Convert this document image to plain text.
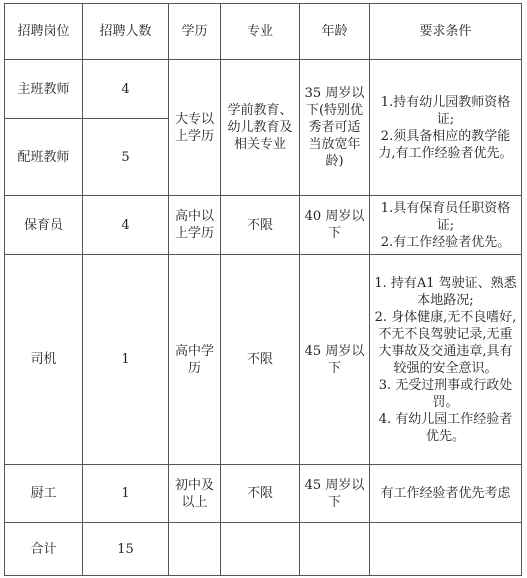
招聘岗位	招聘人数	学历	专业	年龄	要求条件
主班教师	4	大专以上学历	学前教育、幼儿教育及相关专业	35 周岁以下(特别优秀者可适当放宽年龄)	1.持有幼儿园教师资格证;
2.须具备相应的教学能力,有工作经验者优先。

配班教师	5				
保育员	4	高中以上学历	不限	40 周岁以下	1.具有保育员任职资格证;
2.有工作经验者优先。

司机	1	高中学历	不限	45 周岁以下	1. 持有A1 驾驶证、熟悉本地路况;
2. 身体健康,无不良嗜好,不无不良驾驶记录,无重大事故及交通违章,具有较强的安全意识。
3. 无受过刑事或行政处罚。
4. 有幼儿园工作经验者优先。

厨工	1	初中及以上	不限	45 周岁以下	有工作经验者优先考虑

合计	15				
